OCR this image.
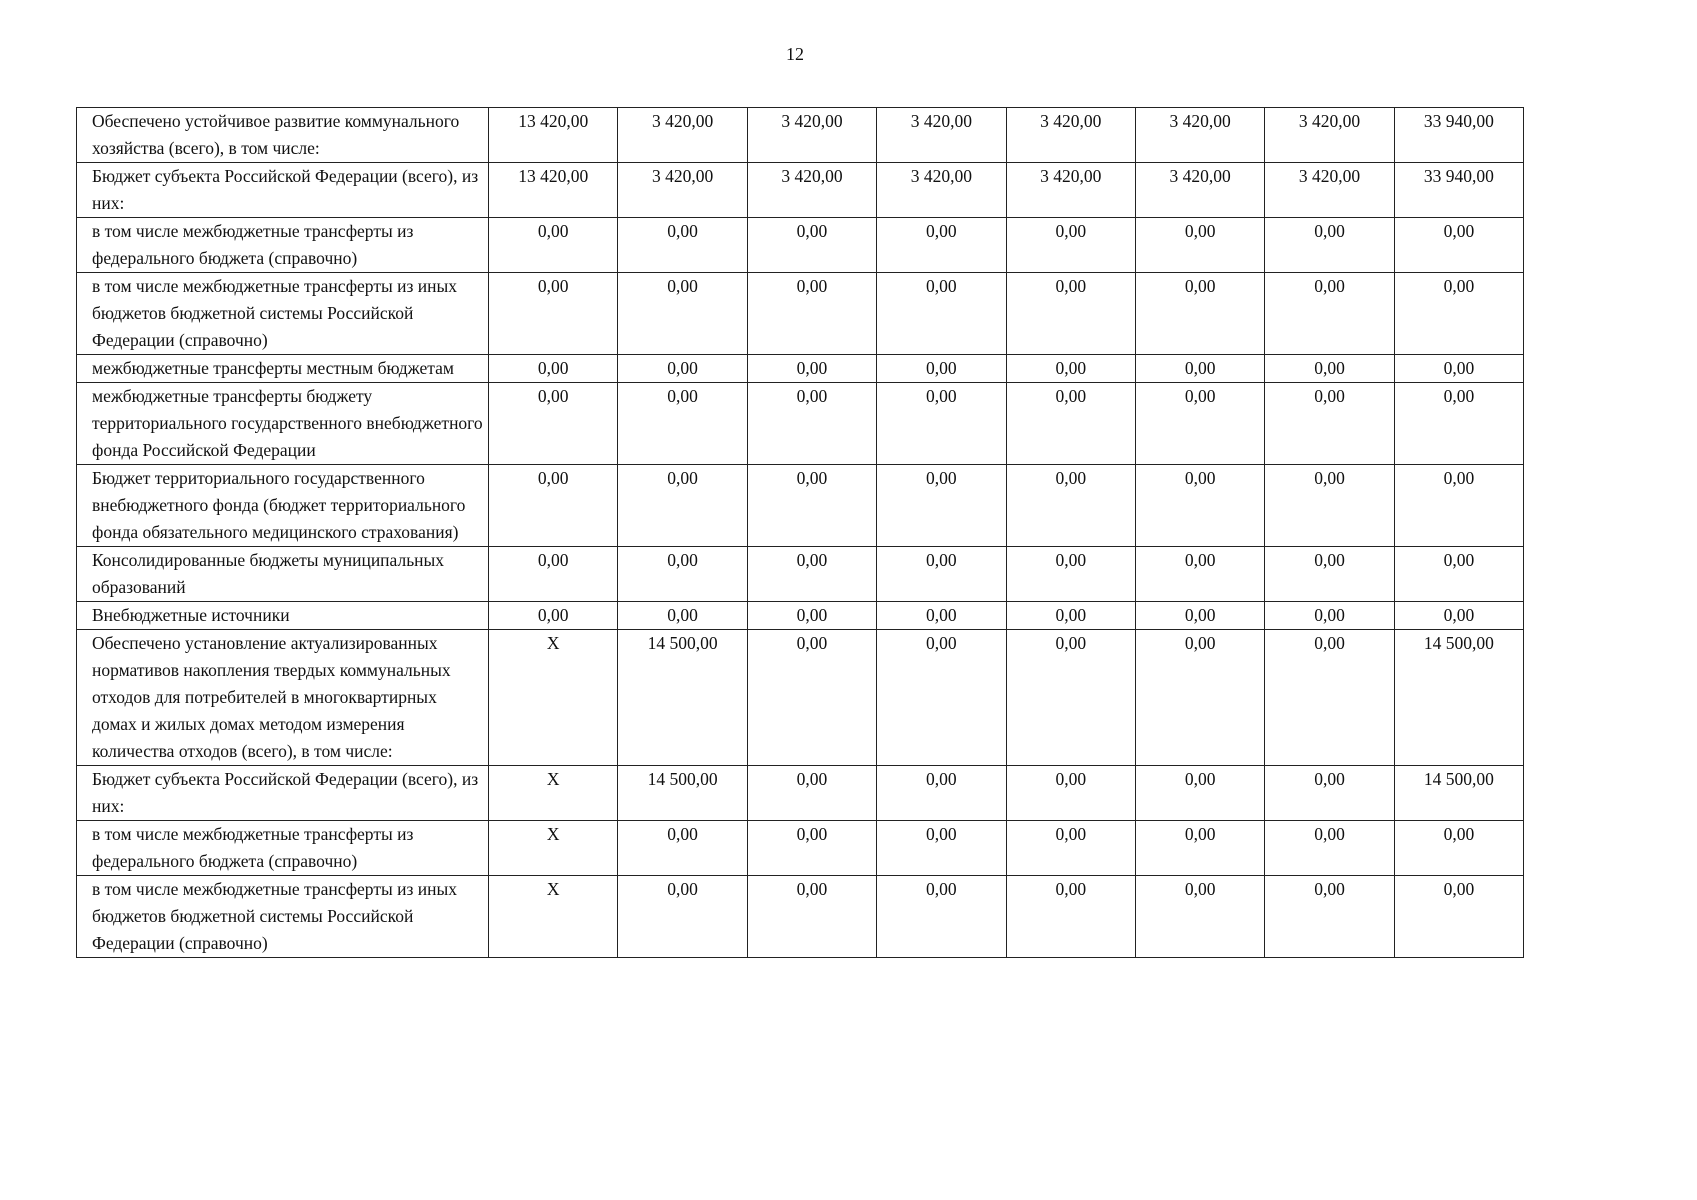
12
Обеспечено устойчивое развитие коммунального хозяйства (всего), в том числе:	13 420,00	3 420,00	3 420,00	3 420,00	3 420,00	3 420,00	3 420,00	33 940,00
Бюджет субъекта Российской Федерации (всего), из них:	13 420,00	3 420,00	3 420,00	3 420,00	3 420,00	3 420,00	3 420,00	33 940,00
в том числе межбюджетные трансферты из федерального бюджета (справочно)	0,00	0,00	0,00	0,00	0,00	0,00	0,00	0,00
в том числе межбюджетные трансферты из иных бюджетов бюджетной системы Российской Федерации (справочно)	0,00	0,00	0,00	0,00	0,00	0,00	0,00	0,00
межбюджетные трансферты местным бюджетам	0,00	0,00	0,00	0,00	0,00	0,00	0,00	0,00
межбюджетные трансферты бюджету территориального государственного внебюджетного фонда Российской Федерации	0,00	0,00	0,00	0,00	0,00	0,00	0,00	0,00
Бюджет территориального государственного внебюджетного фонда (бюджет территориального фонда обязательного медицинского страхования)	0,00	0,00	0,00	0,00	0,00	0,00	0,00	0,00
Консолидированные бюджеты муниципальных образований	0,00	0,00	0,00	0,00	0,00	0,00	0,00	0,00
Внебюджетные источники	0,00	0,00	0,00	0,00	0,00	0,00	0,00	0,00
Обеспечено установление актуализированных нормативов накопления твердых коммунальных отходов для потребителей в многоквартирных домах и жилых домах методом измерения количества отходов (всего), в том числе:	X	14 500,00	0,00	0,00	0,00	0,00	0,00	14 500,00
Бюджет субъекта Российской Федерации (всего), из них:	X	14 500,00	0,00	0,00	0,00	0,00	0,00	14 500,00
в том числе межбюджетные трансферты из федерального бюджета (справочно)	X	0,00	0,00	0,00	0,00	0,00	0,00	0,00
в том числе межбюджетные трансферты из иных бюджетов бюджетной системы Российской Федерации (справочно)	X	0,00	0,00	0,00	0,00	0,00	0,00	0,00
